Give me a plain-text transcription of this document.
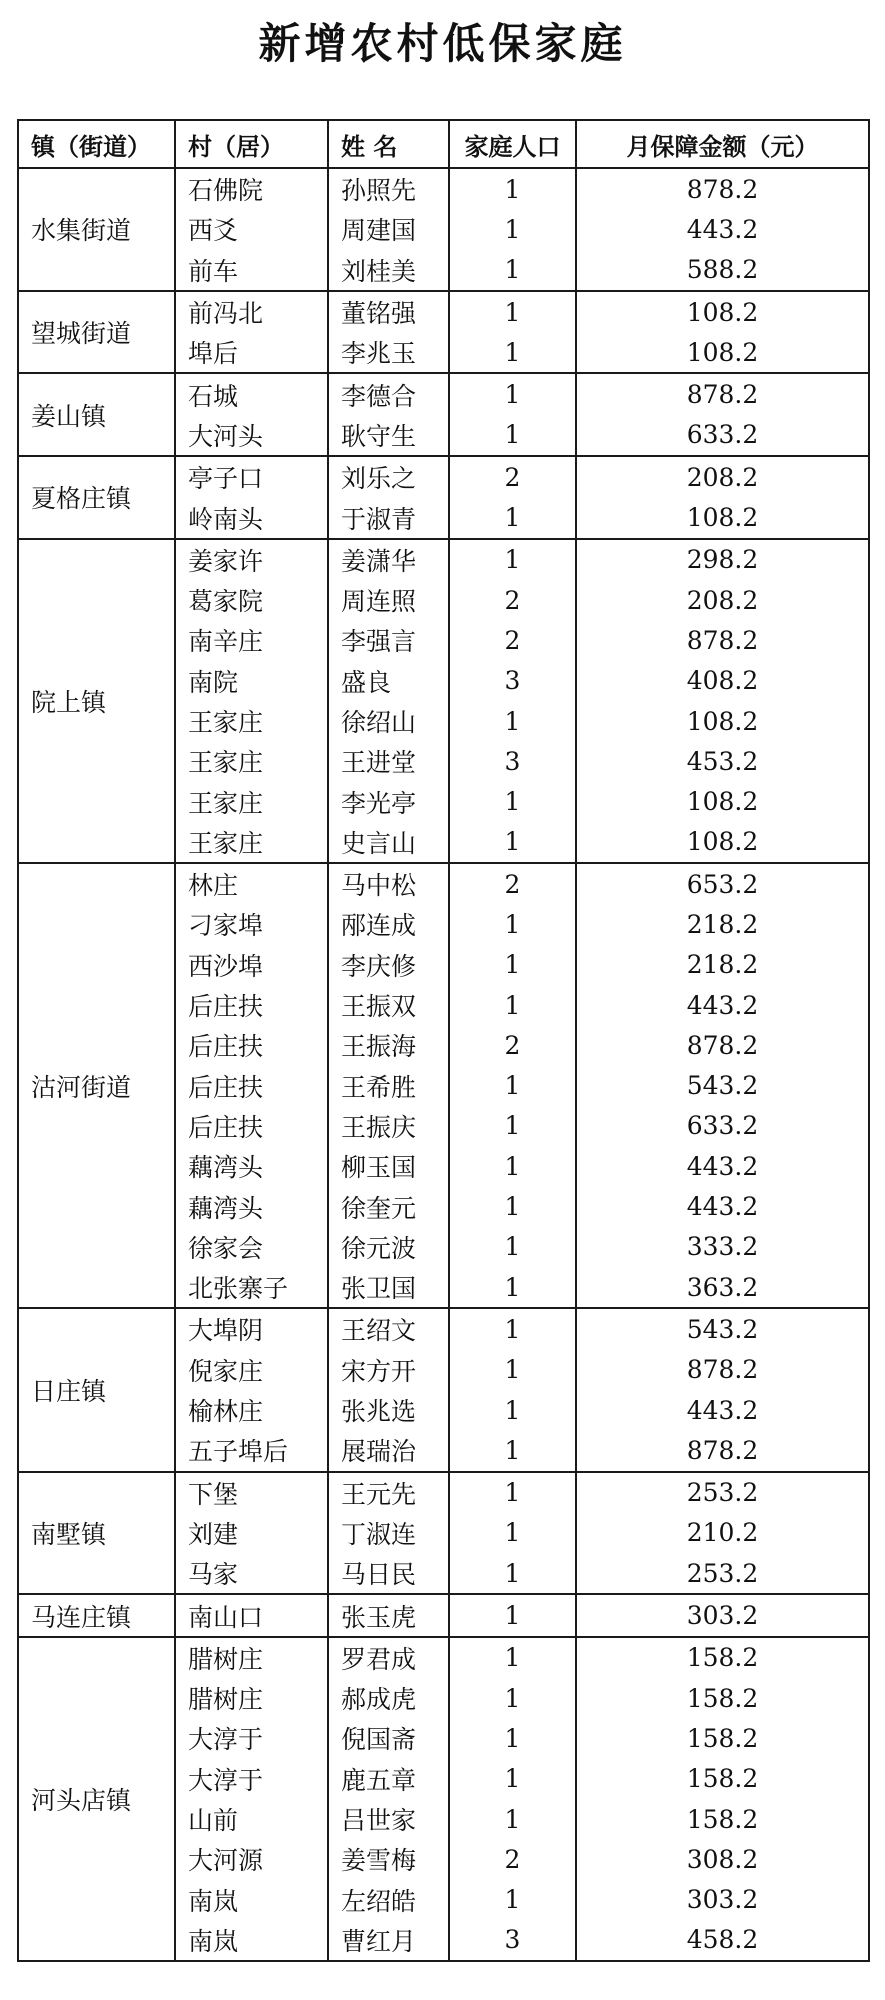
新增农村低保家庭
镇（街道）	村（居）	姓 名	家庭人口	月保障金额（元）
水集街道	石佛院	孙照先	1	878.2
	西爻	周建国	1	443.2
	前车	刘桂美	1	588.2
望城街道	前冯北	董铭强	1	108.2
	埠后	李兆玉	1	108.2
姜山镇	石城	李德合	1	878.2
	大河头	耿守生	1	633.2
夏格庄镇	亭子口	刘乐之	2	208.2
	岭南头	于淑青	1	108.2
院上镇	姜家许	姜潇华	1	298.2
	葛家院	周连照	2	208.2
	南辛庄	李强言	2	878.2
	南院	盛良	3	408.2
	王家庄	徐绍山	1	108.2
	王家庄	王进堂	3	453.2
	王家庄	李光亭	1	108.2
	王家庄	史言山	1	108.2
沽河街道	林庄	马中松	2	653.2
	刁家埠	邴连成	1	218.2
	西沙埠	李庆修	1	218.2
	后庄扶	王振双	1	443.2
	后庄扶	王振海	2	878.2
	后庄扶	王希胜	1	543.2
	后庄扶	王振庆	1	633.2
	藕湾头	柳玉国	1	443.2
	藕湾头	徐奎元	1	443.2
	徐家会	徐元波	1	333.2
	北张寨子	张卫国	1	363.2
日庄镇	大埠阴	王绍文	1	543.2
	倪家庄	宋方开	1	878.2
	榆林庄	张兆选	1	443.2
	五子埠后	展瑞治	1	878.2
南墅镇	下堡	王元先	1	253.2
	刘建	丁淑连	1	210.2
	马家	马日民	1	253.2
马连庄镇	南山口	张玉虎	1	303.2
河头店镇	腊树庄	罗君成	1	158.2
	腊树庄	郝成虎	1	158.2
	大淳于	倪国斋	1	158.2
	大淳于	鹿五章	1	158.2
	山前	吕世家	1	158.2
	大河源	姜雪梅	2	308.2
	南岚	左绍皓	1	303.2
	南岚	曹红月	3	458.2
